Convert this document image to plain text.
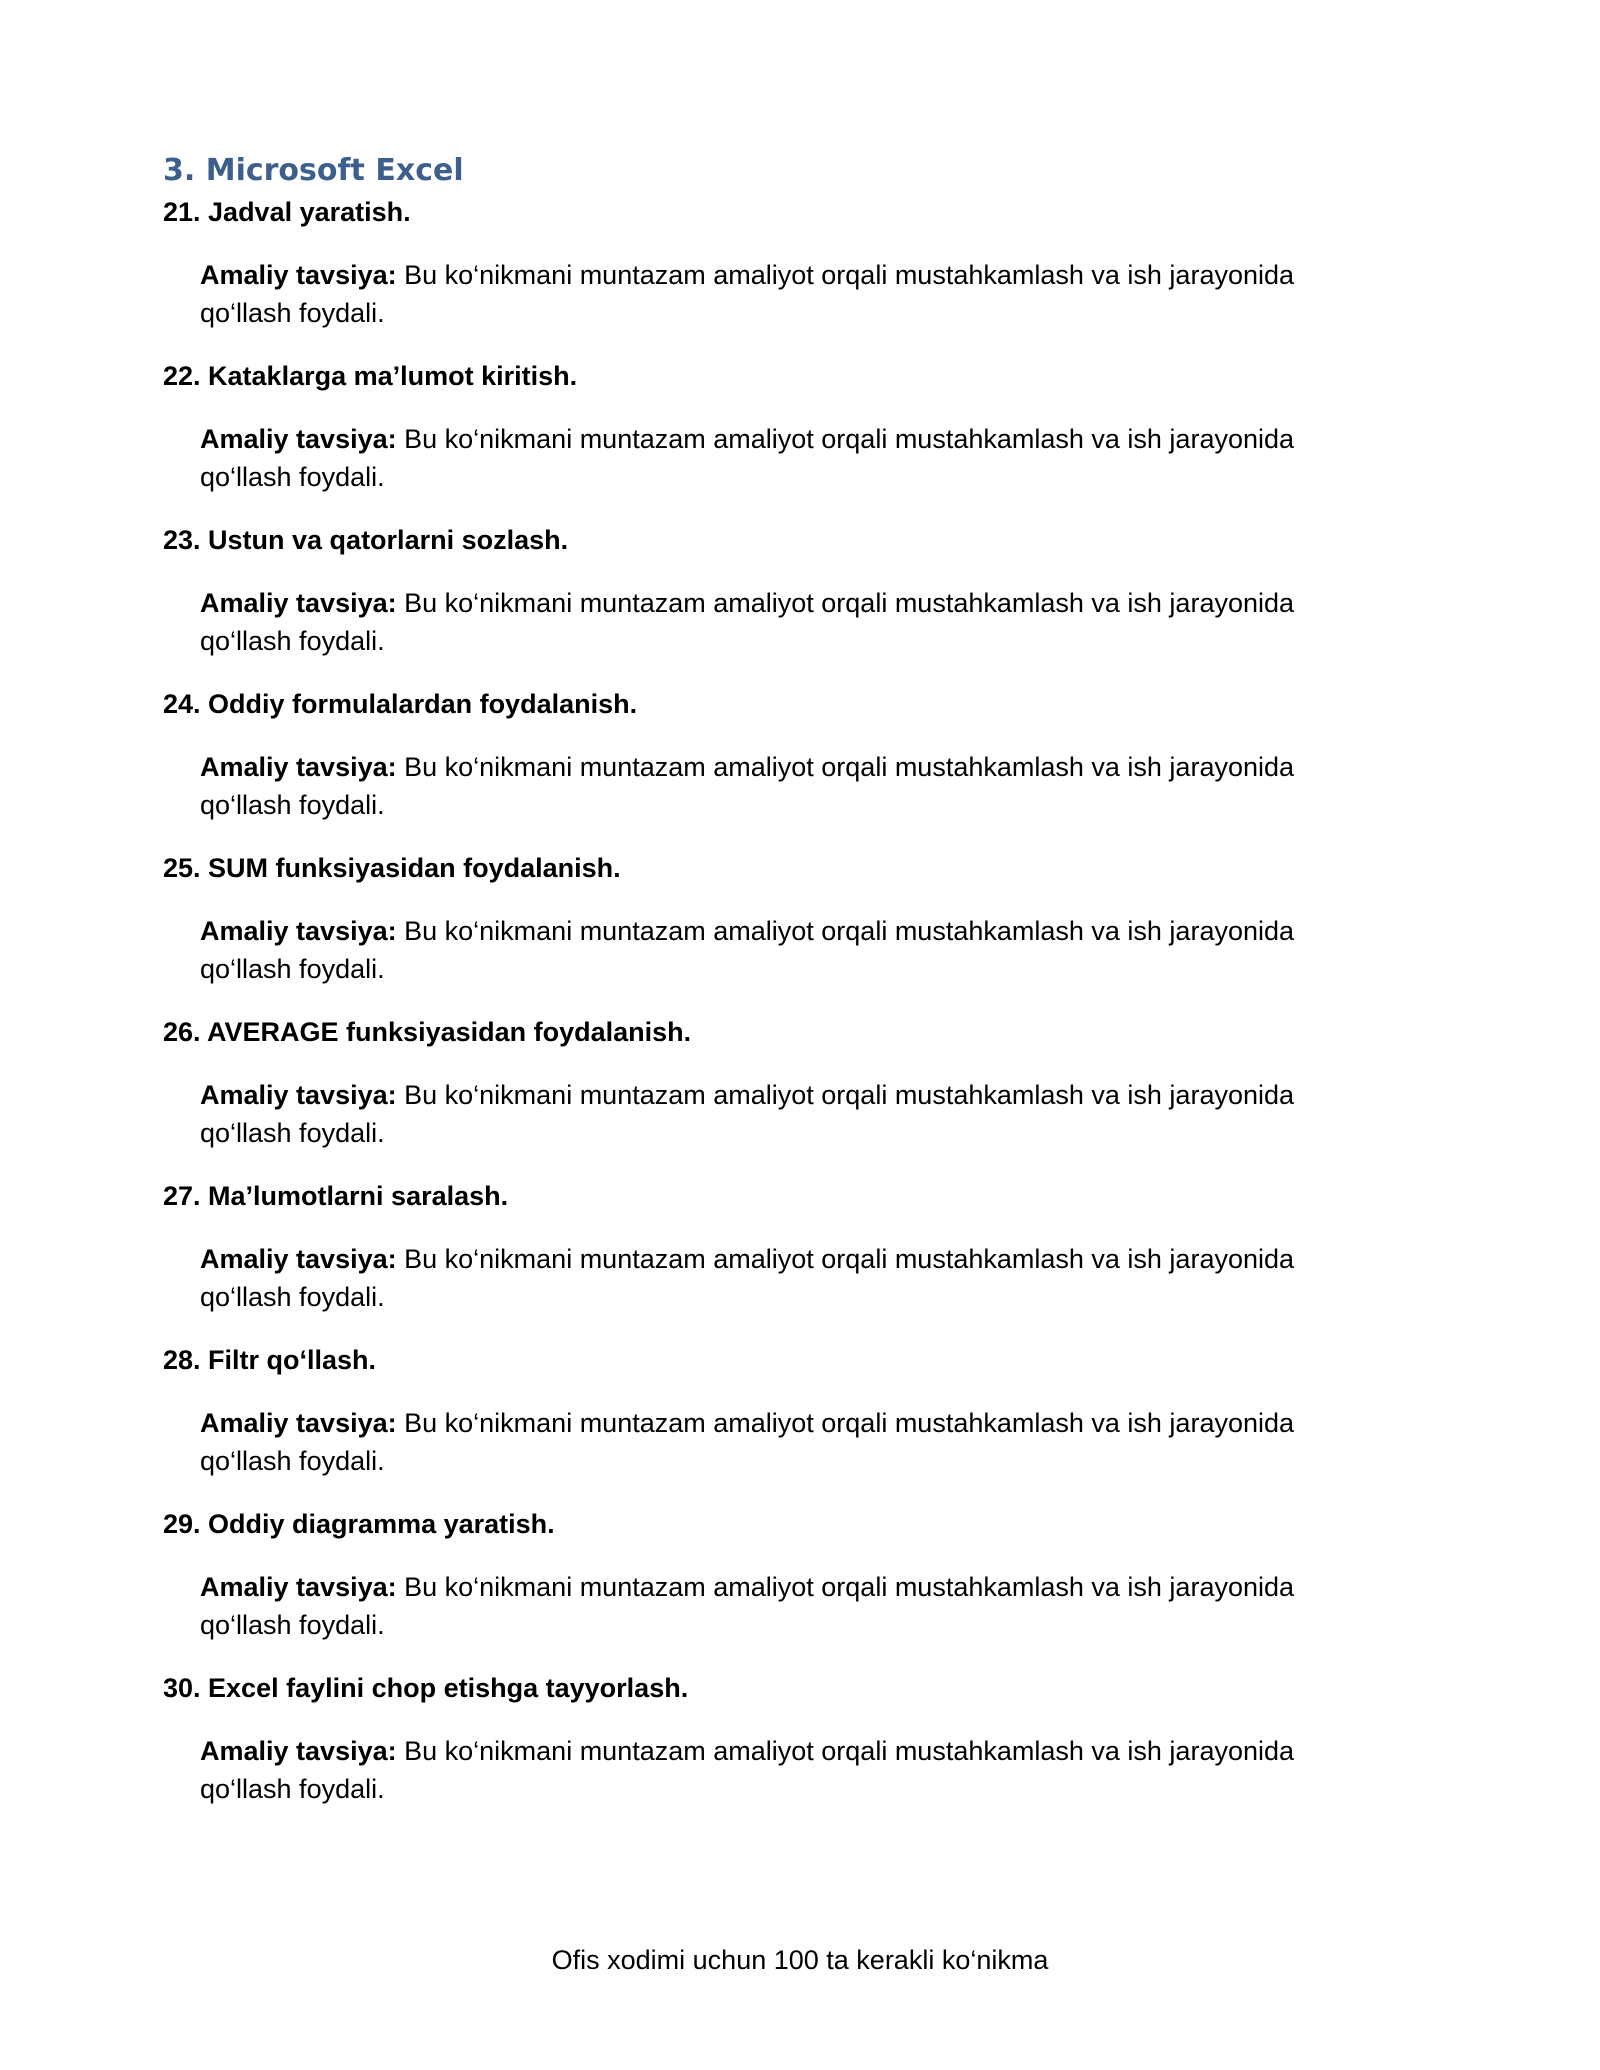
3. Microsoft Excel

21. Jadval yaratish.

Amaliy tavsiya: Bu ko‘nikmani muntazam amaliyot orqali mustahkamlash va ish jarayonida qo‘llash foydali.

22. Kataklarga ma’lumot kiritish.

Amaliy tavsiya: Bu ko‘nikmani muntazam amaliyot orqali mustahkamlash va ish jarayonida qo‘llash foydali.

23. Ustun va qatorlarni sozlash.

Amaliy tavsiya: Bu ko‘nikmani muntazam amaliyot orqali mustahkamlash va ish jarayonida qo‘llash foydali.

24. Oddiy formulalardan foydalanish.

Amaliy tavsiya: Bu ko‘nikmani muntazam amaliyot orqali mustahkamlash va ish jarayonida qo‘llash foydali.

25. SUM funksiyasidan foydalanish.

Amaliy tavsiya: Bu ko‘nikmani muntazam amaliyot orqali mustahkamlash va ish jarayonida qo‘llash foydali.

26. AVERAGE funksiyasidan foydalanish.

Amaliy tavsiya: Bu ko‘nikmani muntazam amaliyot orqali mustahkamlash va ish jarayonida qo‘llash foydali.

27. Ma’lumotlarni saralash.

Amaliy tavsiya: Bu ko‘nikmani muntazam amaliyot orqali mustahkamlash va ish jarayonida qo‘llash foydali.

28. Filtr qo‘llash.

Amaliy tavsiya: Bu ko‘nikmani muntazam amaliyot orqali mustahkamlash va ish jarayonida qo‘llash foydali.

29. Oddiy diagramma yaratish.

Amaliy tavsiya: Bu ko‘nikmani muntazam amaliyot orqali mustahkamlash va ish jarayonida qo‘llash foydali.

30. Excel faylini chop etishga tayyorlash.

Amaliy tavsiya: Bu ko‘nikmani muntazam amaliyot orqali mustahkamlash va ish jarayonida qo‘llash foydali.

Ofis xodimi uchun 100 ta kerakli ko‘nikma
